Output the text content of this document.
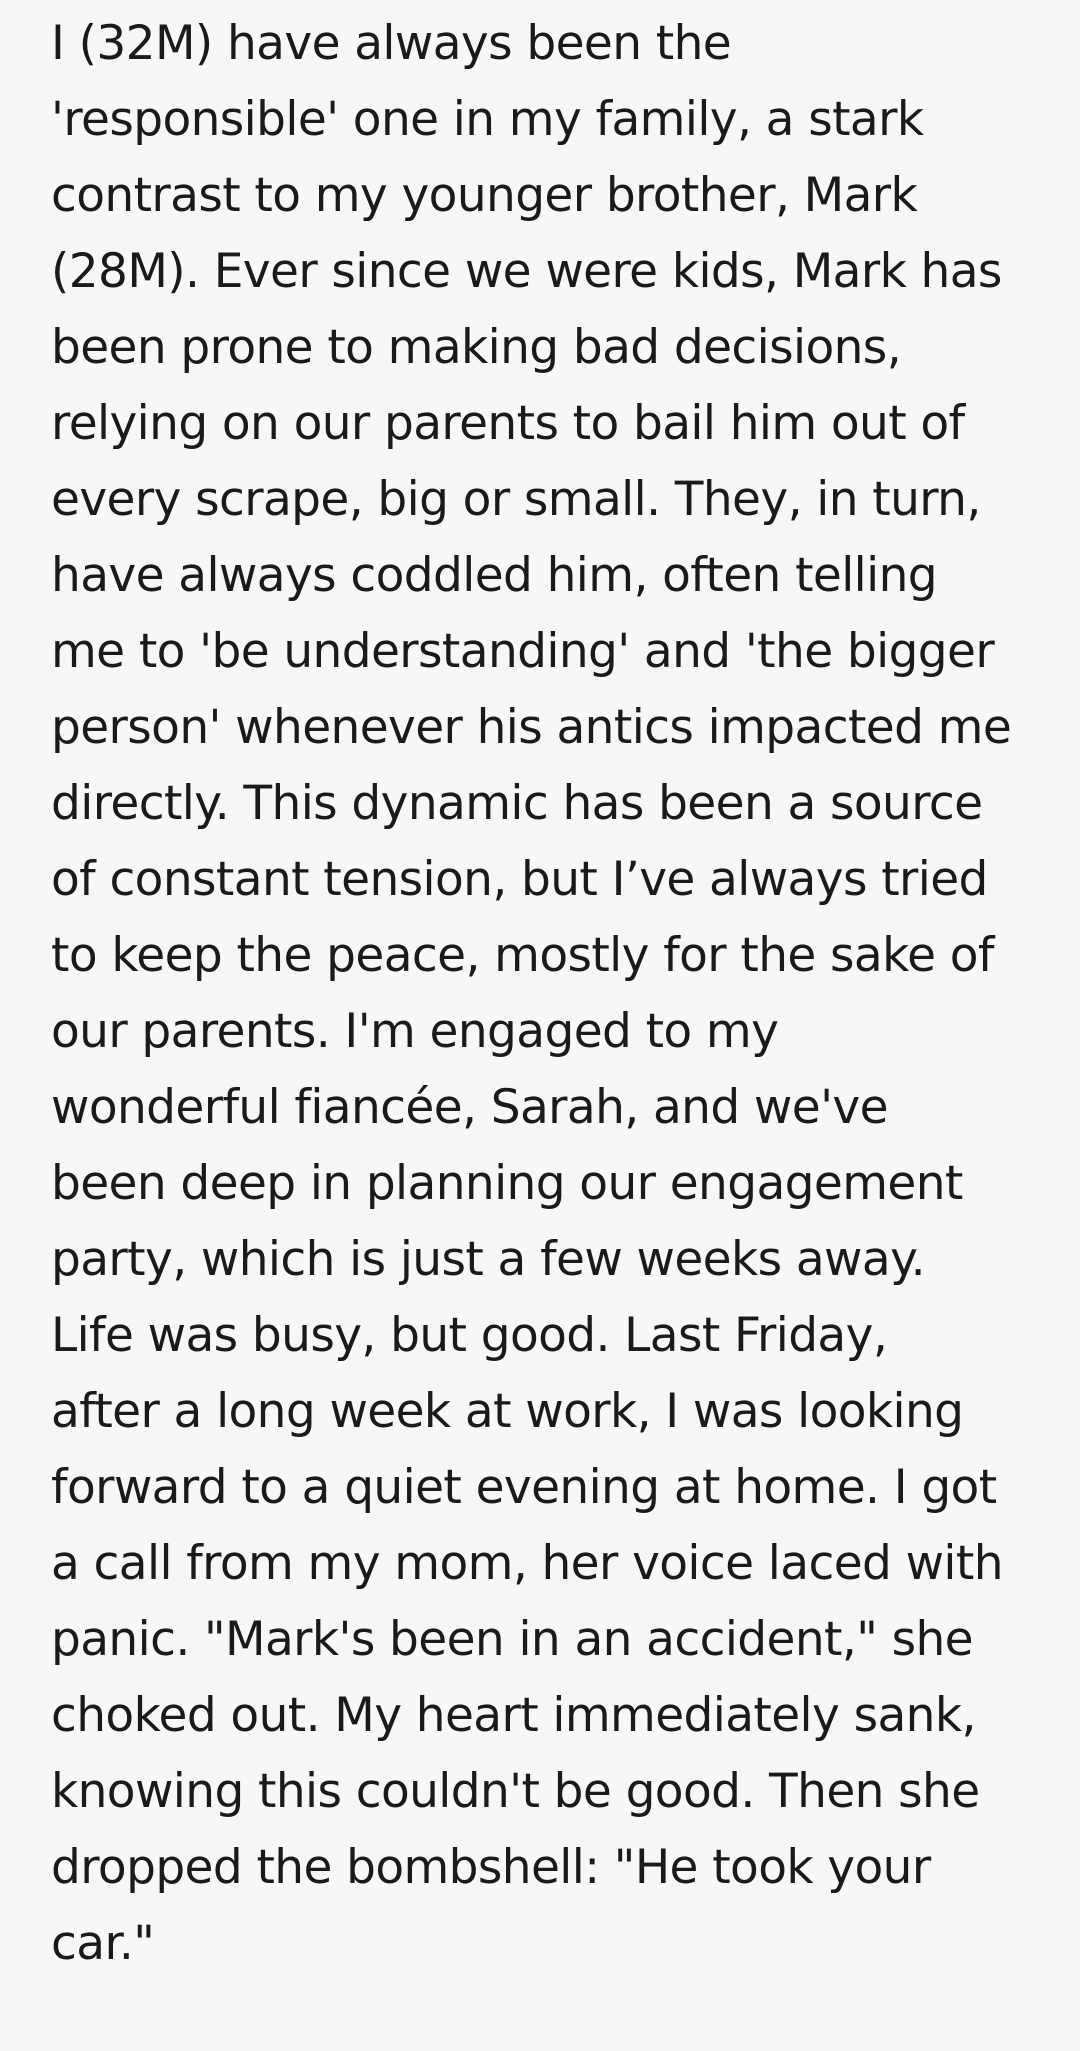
I (32M) have always been the
'responsible' one in my family, a stark
contrast to my younger brother, Mark
(28M). Ever since we were kids, Mark has
been prone to making bad decisions,
relying on our parents to bail him out of
every scrape, big or small. They, in turn,
have always coddled him, often telling
me to 'be understanding' and 'the bigger
person' whenever his antics impacted me
directly. This dynamic has been a source
of constant tension, but I’ve always tried
to keep the peace, mostly for the sake of
our parents. I'm engaged to my
wonderful fiancée, Sarah, and we've
been deep in planning our engagement
party, which is just a few weeks away.
Life was busy, but good. Last Friday,
after a long week at work, I was looking
forward to a quiet evening at home. I got
a call from my mom, her voice laced with
panic. "Mark's been in an accident," she
choked out. My heart immediately sank,
knowing this couldn't be good. Then she
dropped the bombshell: "He took your
car."
